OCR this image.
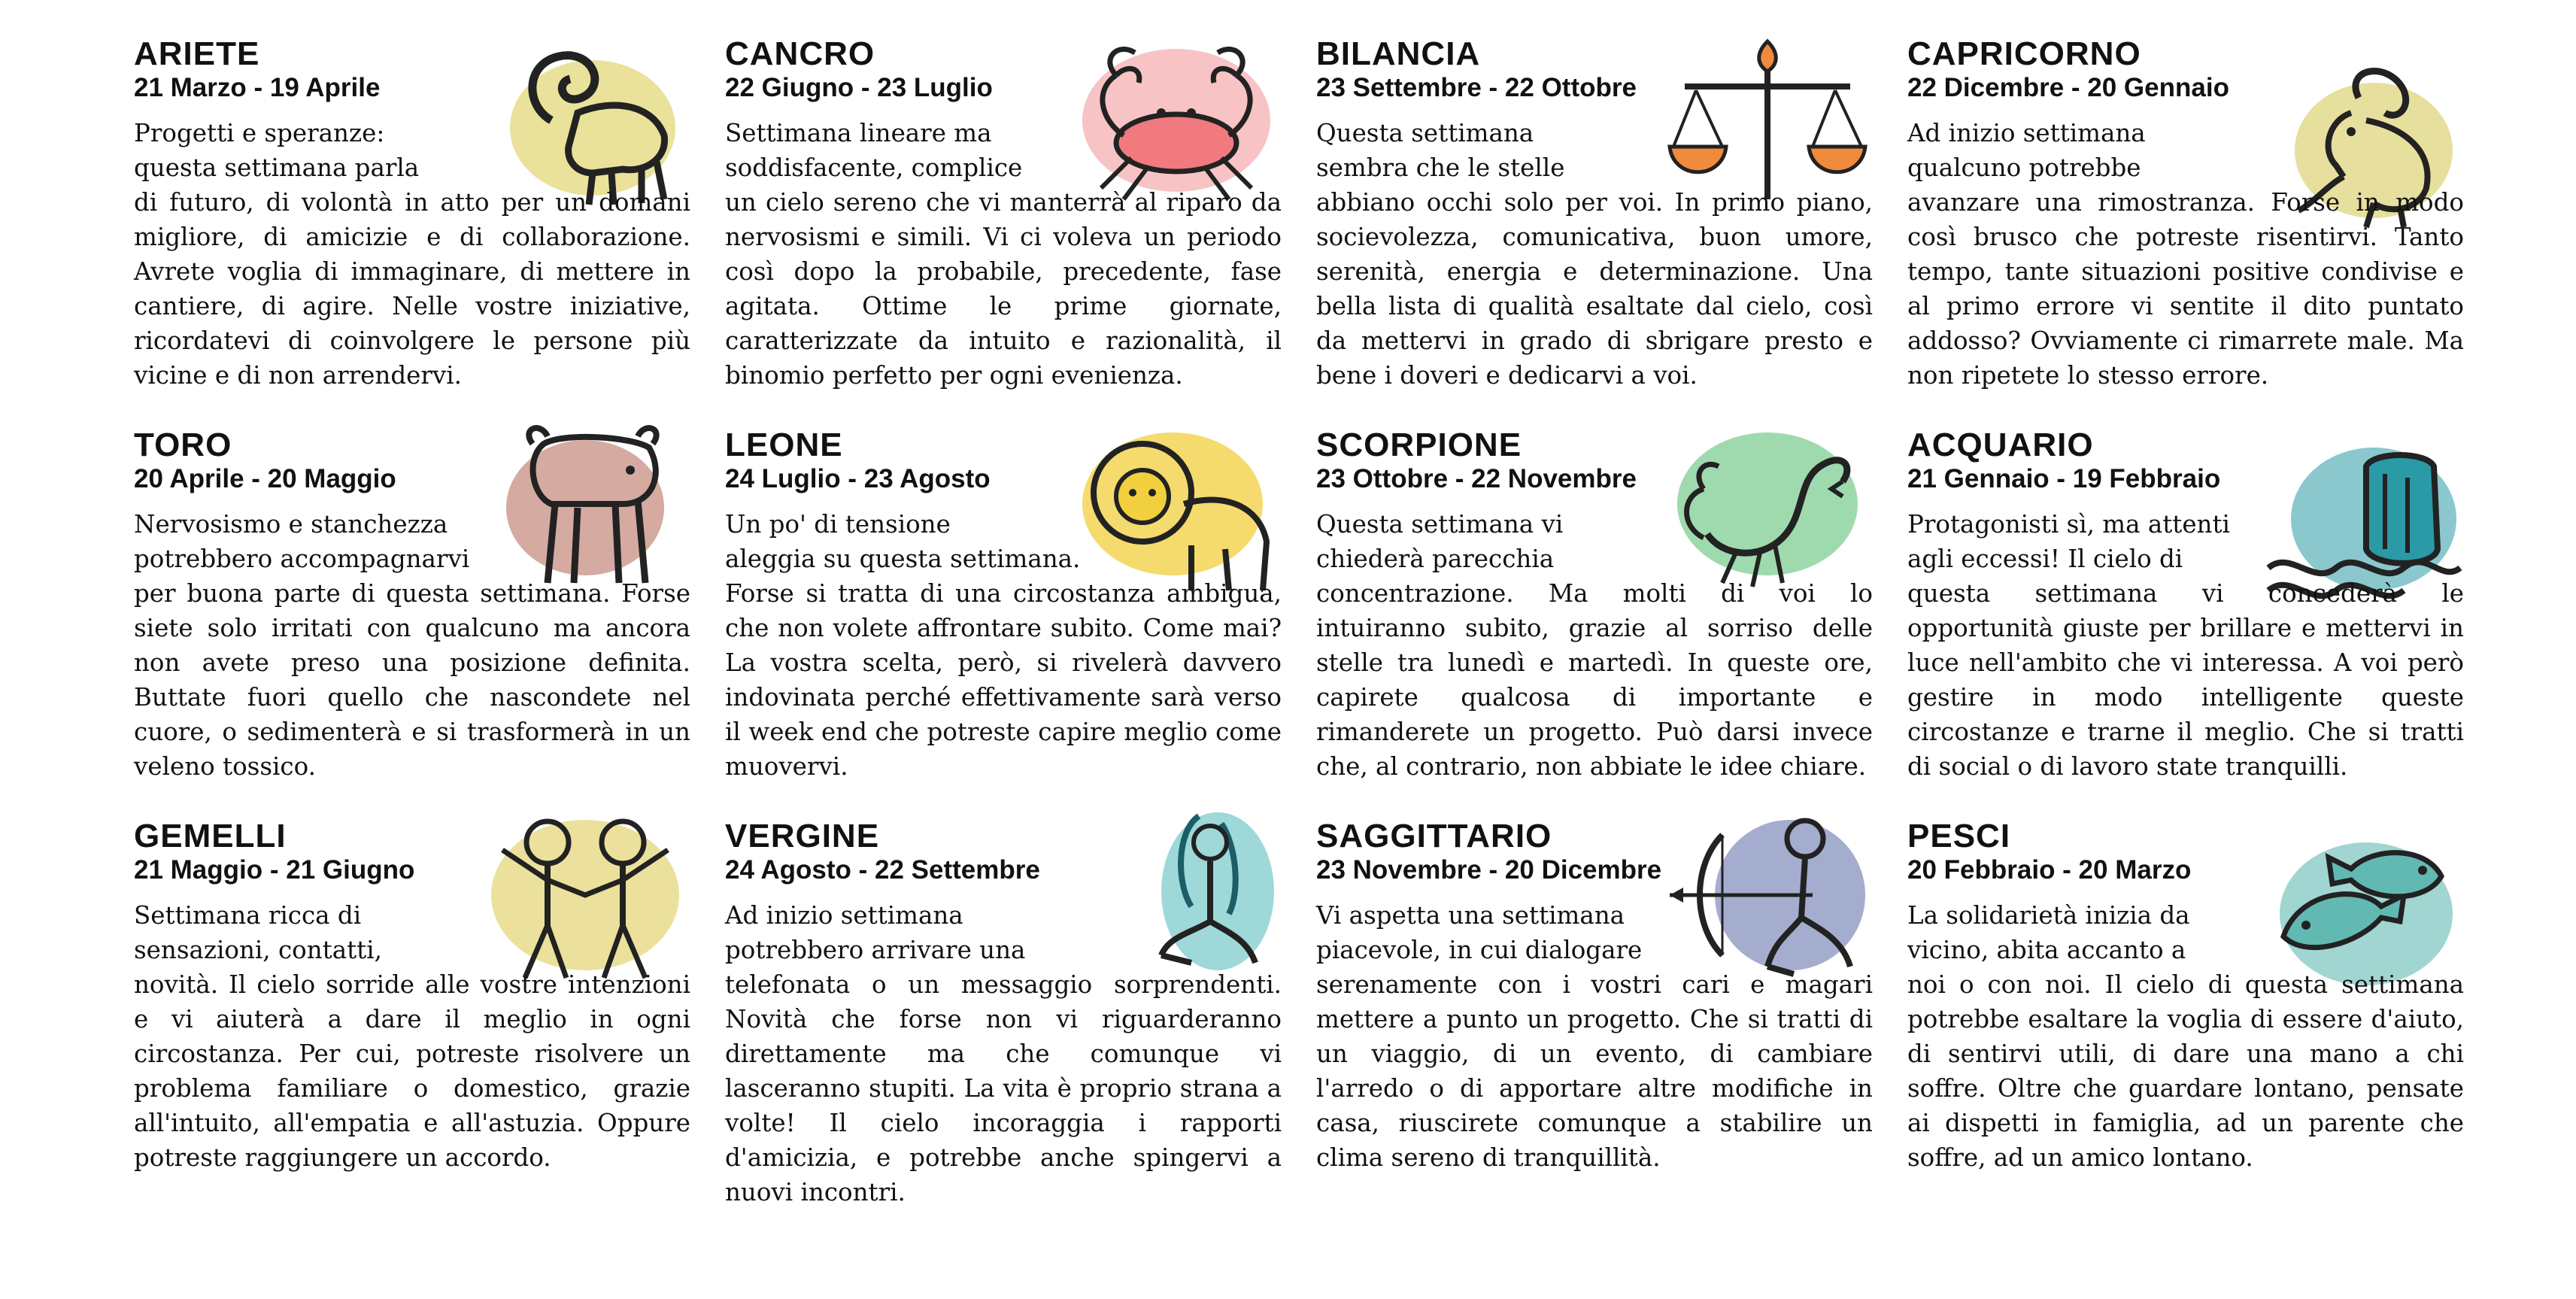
ARIETE
21 Marzo - 19 Aprile
Progetti e speranze:
questa settimana parla
di futuro, di volontà in atto per un domani migliore, di amicizie e di collaborazione. Avrete voglia di immaginare, di mettere in cantiere, di agire. Nelle vostre iniziative, ricordatevi di coinvolgere le persone più vicine e di non arrendervi.
CANCRO
22 Giugno - 23 Luglio
Settimana lineare ma
soddisfacente, complice
un cielo sereno che vi manterrà al riparo da nervosismi e simili. Vi ci voleva un periodo così dopo la probabile, precedente, fase agitata. Ottime le prime giornate, caratterizzate da intuito e razionalità, il binomio perfetto per ogni evenienza.
BILANCIA
23 Settembre - 22 Ottobre
Questa settimana
sembra che le stelle
abbiano occhi solo per voi. In primo piano, socievolezza, comunicativa, buon umore, serenità, energia e determinazione. Una bella lista di qualità esaltate dal cielo, così da mettervi in grado di sbrigare presto e bene i doveri e dedicarvi a voi.
CAPRICORNO
22 Dicembre - 20 Gennaio
Ad inizio settimana
qualcuno potrebbe
avanzare una rimostranza. Forse in modo così brusco che potreste risentirvi. Tanto tempo, tante situazioni positive condivise e al primo errore vi sentite il dito puntato addosso? Ovviamente ci rimarrete male. Ma non ripetete lo stesso errore.
TORO
20 Aprile - 20 Maggio
Nervosismo e stanchezza
potrebbero accompagnarvi
per buona parte di questa settimana. Forse siete solo irritati con qualcuno ma ancora non avete preso una posizione definita. Buttate fuori quello che nascondete nel cuore, o sedimenterà e si trasformerà in un veleno tossico.
LEONE
24 Luglio - 23 Agosto
Un po' di tensione
aleggia su questa settimana.
Forse si tratta di una circostanza ambigua, che non volete affrontare subito. Come mai? La vostra scelta, però, si rivelerà davvero indovinata perché effettivamente sarà verso il week end che potreste capire meglio come muovervi.
SCORPIONE
23 Ottobre - 22 Novembre
Questa settimana vi
chiederà parecchia
concentrazione. Ma molti di voi lo intuiranno subito, grazie al sorriso delle stelle tra lunedì e martedì. In queste ore, capirete qualcosa di importante e rimanderete un progetto. Può darsi invece che, al contrario, non abbiate le idee chiare.
ACQUARIO
21 Gennaio - 19 Febbraio
Protagonisti sì, ma attenti
agli eccessi! Il cielo di
questa settimana vi concederà le opportunità giuste per brillare e mettervi in luce nell'ambito che vi interessa. A voi però gestire in modo intelligente queste circostanze e trarne il meglio. Che si tratti di social o di lavoro state tranquilli.
GEMELLI
21 Maggio - 21 Giugno
Settimana ricca di
sensazioni, contatti,
novità. Il cielo sorride alle vostre intenzioni e vi aiuterà a dare il meglio in ogni circostanza. Per cui, potreste risolvere un problema familiare o domestico, grazie all'intuito, all'empatia e all'astuzia. Oppure potreste raggiungere un accordo.
VERGINE
24 Agosto - 22 Settembre
Ad inizio settimana
potrebbero arrivare una
telefonata o un messaggio sorprendenti. Novità che forse non vi riguarderanno direttamente ma che comunque vi lasceranno stupiti. La vita è proprio strana a volte! Il cielo incoraggia i rapporti d'amicizia, e potrebbe anche spingervi a nuovi incontri.
SAGGITTARIO
23 Novembre - 20 Dicembre
Vi aspetta una settimana
piacevole, in cui dialogare
serenamente con i vostri cari e magari mettere a punto un progetto. Che si tratti di un viaggio, di un evento, di cambiare l'arredo o di apportare altre modifiche in casa, riuscirete comunque a stabilire un clima sereno di tranquillità.
PESCI
20 Febbraio - 20 Marzo
La solidarietà inizia da
vicino, abita accanto a
noi o con noi. Il cielo di questa settimana potrebbe esaltare la voglia di essere d'aiuto, di sentirvi utili, di dare una mano a chi soffre. Oltre che guardare lontano, pensate ai dispetti in famiglia, ad un parente che soffre, ad un amico lontano.
